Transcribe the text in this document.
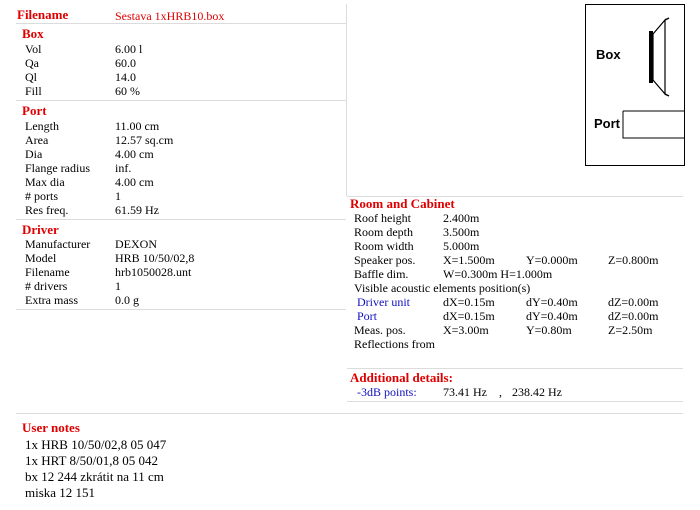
Filename	Sestava 1xHRB10.box
Box
Vol	6.00 l
Qa	60.0
Ql	14.0
Fill	60 %
Port
Length	11.00 cm
Area	12.57 sq.cm
Dia	4.00 cm
Flange radius inf.
Max dia	4.00 cm
# ports	1
Res freq.	61.59 Hz
Driver
Manufacturer DEXON
Model	HRB 10/50/02,8
Filename	hrb1050028.unt
# drivers	1
Extra mass	0.0 g
Box
Port
Room and Cabinet
Roof height	2.400m
Room depth	3.500m
Room width 5.000m
Speaker pos. X=1.500m	Y=0.000m	Z=0.800m
Baffle dim.	W=0.300m H=1.000m
Visible acoustic elements position(s)
Driver unit	dX=0.15m	dY=0.40m	dZ=0.00m
Port	dX=0.15m	dY=0.40m	dZ=0.00m
Meas. pos.	X=3.00m	Y=0.80m	Z=2.50m
Reflections from
Additional details:
-3dB points: 73.41 Hz , 238.42 Hz
User notes
1x HRB 10/50/02,8 05 047
1x HRT 8/50/01,8 05 042
bx 12 244 zkrátit na 11 cm
miska 12 151
